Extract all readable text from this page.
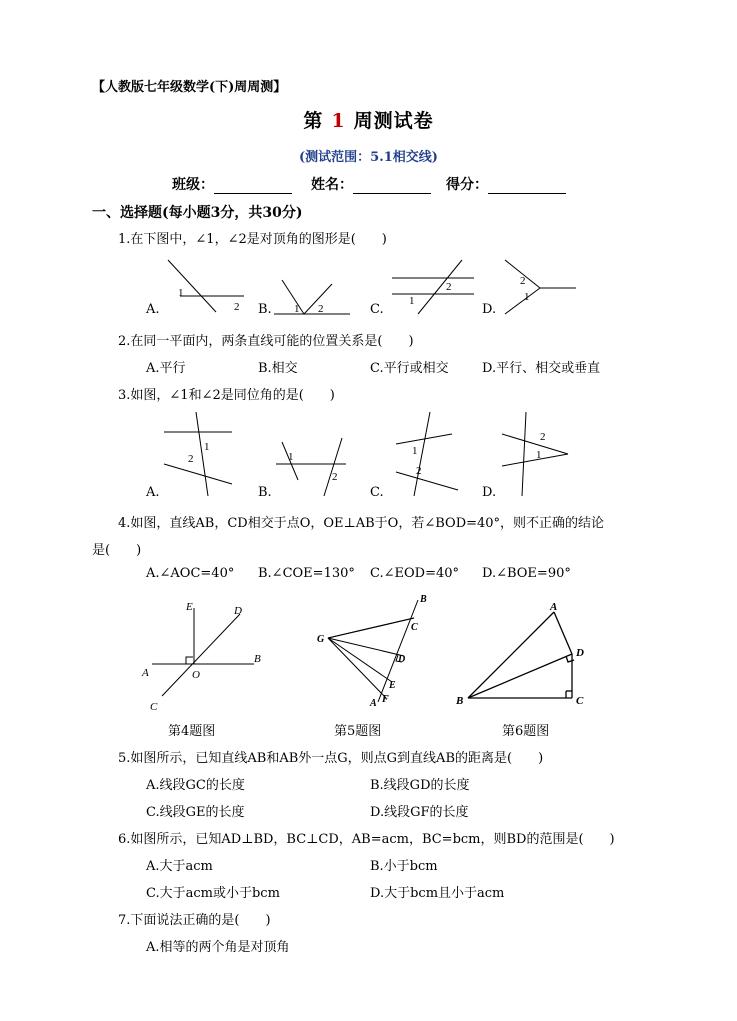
【人教版七年级数学(下)周周测】
第 1 周测试卷
(测试范围：5.1相交线)
班级：	姓名：	得分：
一、选择题(每小题3分，共30分)
1.在下图中，∠1，∠2是对顶角的图形是(　　)
1
2	1 2
1
2	2
1
A.	B.	C.	D.
2.在同一平面内，两条直线可能的位置关系是(　　)
A.平行	B.相交	C.平行或相交	D.平行、相交或垂直
3.如图，∠1和∠2是同位角的是(　　)
1
2	1
2
1
2
2
1
A.	B.	C.	D.
4.如图，直线AB，CD相交于点O，OE⊥AB于O，若∠BOD=40°，则不正确的结论
是(　　)
A.∠AOC=40° B.∠COE=130° C.∠EOD=40° D.∠BOE=90°
E	D
A	O
B
C
B
G
C
D
E
A F
A
D
B	C
第4题图	第5题图	第6题图
5.如图所示，已知直线AB和AB外一点G，则点G到直线AB的距离是(　　)
A.线段GC的长度	B.线段GD的长度
C.线段GE的长度	D.线段GF的长度
6.如图所示，已知AD⊥BD，BC⊥CD，AB=acm，BC=bcm，则BD的范围是(　　)
A.大于acm	B.小于bcm
C.大于acm或小于bcm	D.大于bcm且小于acm
7.下面说法正确的是(　　)
A.相等的两个角是对顶角
